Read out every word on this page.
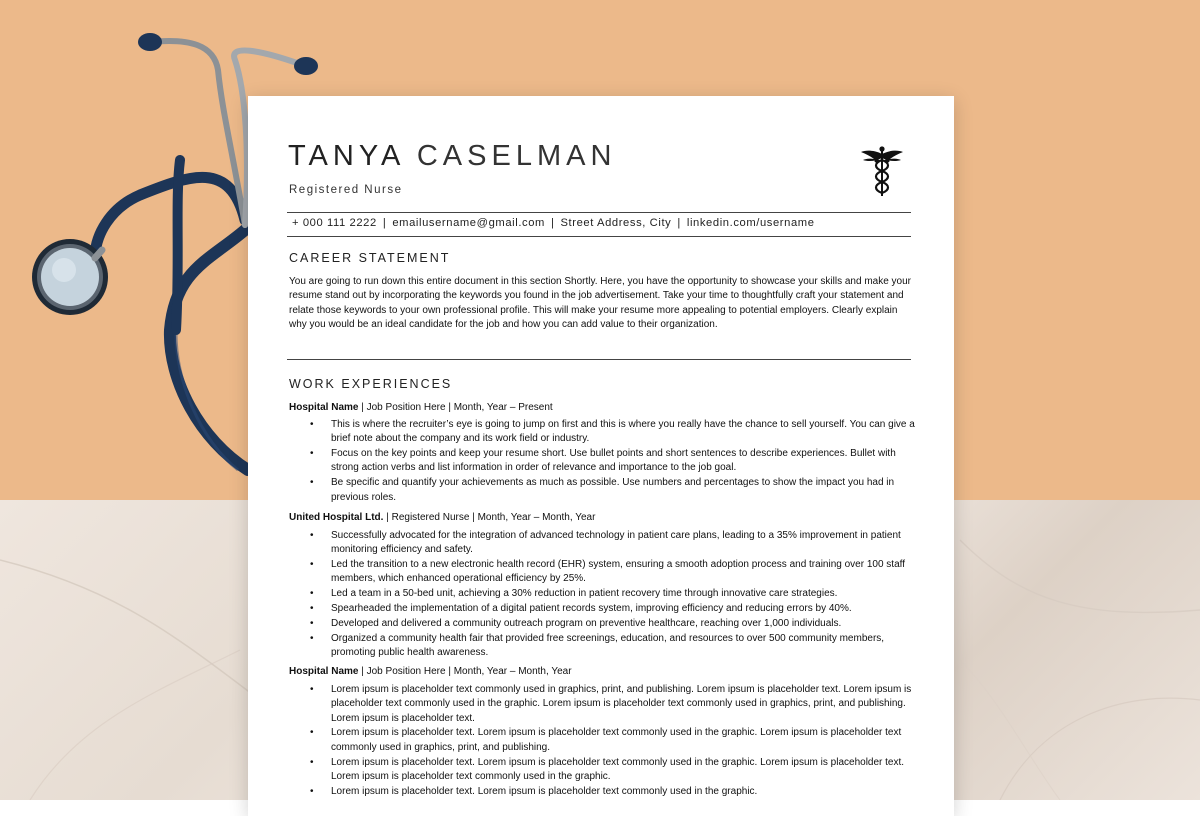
TANYA CASELMAN
Registered Nurse
+ 000 111 2222 | emailusername@gmail.com | Street Address, City | linkedin.com/username
CAREER STATEMENT
You are going to run down this entire document in this section Shortly. Here, you have the opportunity to showcase your skills and make your resume stand out by incorporating the keywords you found in the job advertisement. Take your time to thoughtfully craft your statement and relate those keywords to your own professional profile. This will make your resume more appealing to potential employers. Clearly explain why you would be an ideal candidate for the job and how you can add value to their organization.
WORK EXPERIENCES
Hospital Name | Job Position Here | Month, Year – Present
• This is where the recruiter’s eye is going to jump on first and this is where you really have the chance to sell yourself. You can give a brief note about the company and its work field or industry.
• Focus on the key points and keep your resume short. Use bullet points and short sentences to describe experiences. Bullet with strong action verbs and list information in order of relevance and importance to the job goal.
• Be specific and quantify your achievements as much as possible. Use numbers and percentages to show the impact you had in previous roles.
United Hospital Ltd. | Registered Nurse | Month, Year – Month, Year
• Successfully advocated for the integration of advanced technology in patient care plans, leading to a 35% improvement in patient monitoring efficiency and safety.
• Led the transition to a new electronic health record (EHR) system, ensuring a smooth adoption process and training over 100 staff members, which enhanced operational efficiency by 25%.
• Led a team in a 50-bed unit, achieving a 30% reduction in patient recovery time through innovative care strategies.
• Spearheaded the implementation of a digital patient records system, improving efficiency and reducing errors by 40%.
• Developed and delivered a community outreach program on preventive healthcare, reaching over 1,000 individuals.
• Organized a community health fair that provided free screenings, education, and resources to over 500 community members, promoting public health awareness.
Hospital Name | Job Position Here | Month, Year – Month, Year
• Lorem ipsum is placeholder text commonly used in graphics, print, and publishing. Lorem ipsum is placeholder text. Lorem ipsum is placeholder text commonly used in the graphic. Lorem ipsum is placeholder text commonly used in graphics, print, and publishing. Lorem ipsum is placeholder text.
• Lorem ipsum is placeholder text. Lorem ipsum is placeholder text commonly used in the graphic. Lorem ipsum is placeholder text commonly used in graphics, print, and publishing.
• Lorem ipsum is placeholder text. Lorem ipsum is placeholder text commonly used in the graphic. Lorem ipsum is placeholder text. Lorem ipsum is placeholder text commonly used in the graphic.
• Lorem ipsum is placeholder text. Lorem ipsum is placeholder text commonly used in the graphic.
